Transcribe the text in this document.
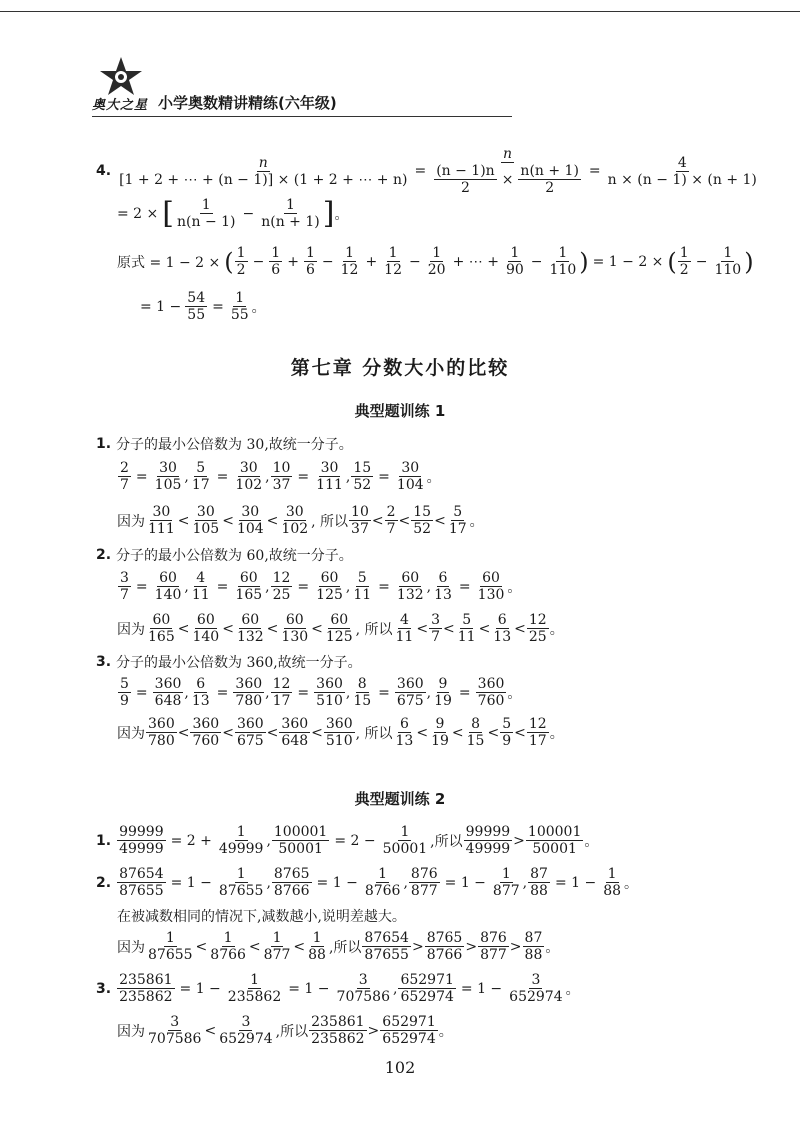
奥大之星 小学奥数精讲精练(六年级)
4. $\frac{n}{[1 + 2 + \cdots + (n - 1)] \times (1 + 2 + \cdots + n)} = \frac{n}{\frac{(n - 1)n}{2} \times \frac{n(n + 1)}{2}} = \frac{4}{n \times (n - 1) \times (n + 1)}$
= 2 × [ $\frac{1}{n(n - 1)} - \frac{1}{n(n + 1)}$ ] 。
原式 = 1 − 2 × ( $\frac{1}{2} - \frac{1}{6} + \frac{1}{6} - \frac{1}{12} + \frac{1}{12} - \frac{1}{20}$ + ⋯ + $\frac{1}{90} - \frac{1}{110}$ ) = 1 − 2 × ( $\frac{1}{2} - \frac{1}{110}$ )
= $1 - \frac{54}{55} = \frac{1}{55}$ 。
第七章 分数大小的比较
典型题训练 1
1. 分子的最小公倍数为 30,故统一分子。
$\frac{2}{7} = \frac{30}{105}$ , $\frac{5}{17} = \frac{30}{102}$ , $\frac{10}{37} = \frac{30}{111}$ , $\frac{15}{52} = \frac{30}{104}$ 。
因为 $\frac{30}{111} < \frac{30}{105} < \frac{30}{104} < \frac{30}{102}$ , 所以 $\frac{10}{37} < \frac{2}{7} < \frac{15}{52} < \frac{5}{17}$ 。
2. 分子的最小公倍数为 60,故统一分子。
$\frac{3}{7} = \frac{60}{140}$ , $\frac{4}{11} = \frac{60}{165}$ , $\frac{12}{25} = \frac{60}{125}$ , $\frac{5}{11} = \frac{60}{132}$ , $\frac{6}{13} = \frac{60}{130}$ 。
因为 $\frac{60}{165} < \frac{60}{140} < \frac{60}{132} < \frac{60}{130} < \frac{60}{125}$ , 所以 $\frac{4}{11} < \frac{3}{7} < \frac{5}{11} < \frac{6}{13} < \frac{12}{25}$ 。
3. 分子的最小公倍数为 360,故统一分子。
$\frac{5}{9} = \frac{360}{648}$ , $\frac{6}{13} = \frac{360}{780}$ , $\frac{12}{17} = \frac{360}{510}$ , $\frac{8}{15} = \frac{360}{675}$ , $\frac{9}{19} = \frac{360}{760}$ 。
因为 $\frac{360}{780} < \frac{360}{760} < \frac{360}{675} < \frac{360}{648} < \frac{360}{510}$ , 所以 $\frac{6}{13} < \frac{9}{19} < \frac{8}{15} < \frac{5}{9} < \frac{12}{17}$ 。
典型题训练 2
1. $\frac{99999}{49999} = 2 + \frac{1}{49999}$ , $\frac{100001}{50001} = 2 - \frac{1}{50001}$ ,所以 $\frac{99999}{49999} > \frac{100001}{50001}$ 。
2. $\frac{87654}{87655} = 1 - \frac{1}{87655}$ , $\frac{8765}{8766} = 1 - \frac{1}{8766}$ , $\frac{876}{877} = 1 - \frac{1}{877}$ , $\frac{87}{88} = 1 - \frac{1}{88}$ 。
在被减数相同的情况下,减数越小,说明差越大。
因为 $\frac{1}{87655} < \frac{1}{8766} < \frac{1}{877} < \frac{1}{88}$ ,所以 $\frac{87654}{87655} > \frac{8765}{8766} > \frac{876}{877} > \frac{87}{88}$ 。
3. $\frac{235861}{235862} = 1 - \frac{1}{235862} = 1 - \frac{3}{707586}$ , $\frac{652971}{652974} = 1 - \frac{3}{652974}$ 。
因为 $\frac{3}{707586} < \frac{3}{652974}$ ,所以 $\frac{235861}{235862} > \frac{652971}{652974}$ 。
102
